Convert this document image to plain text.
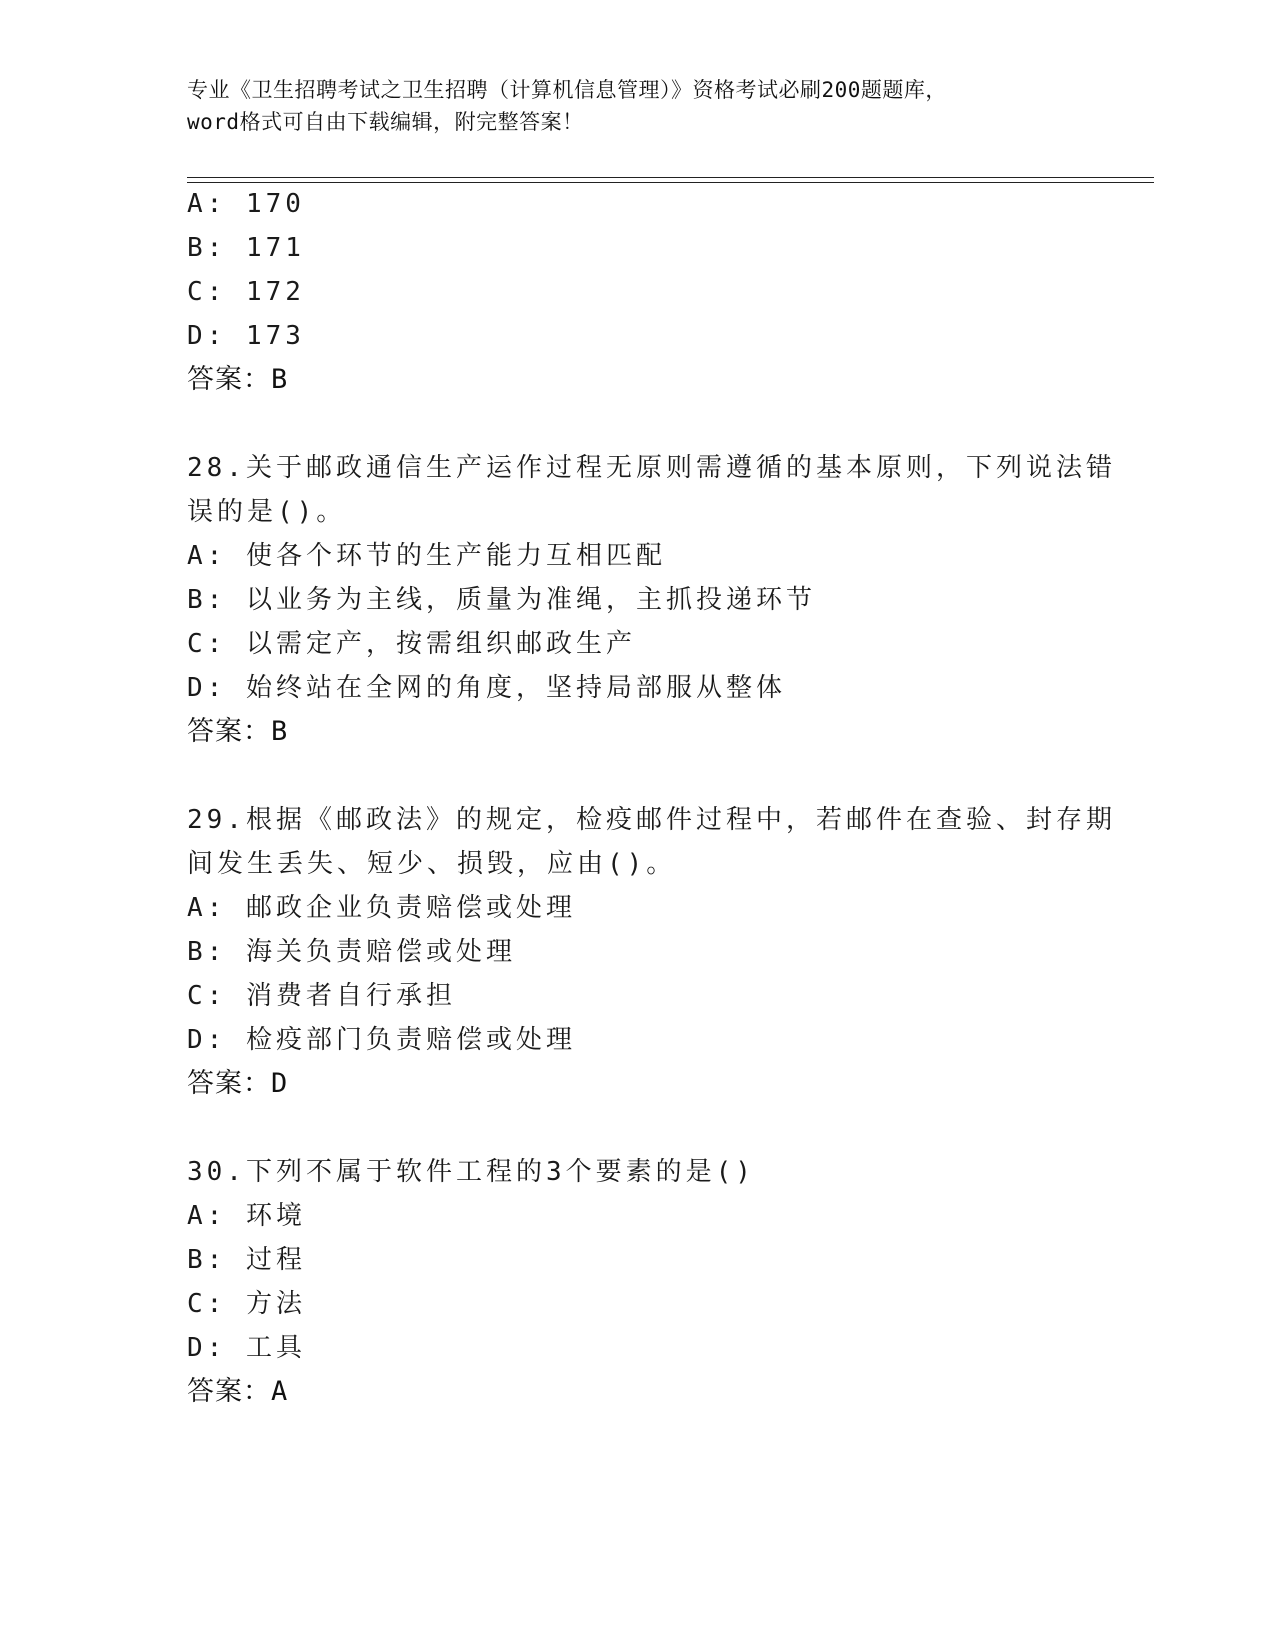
专业《卫生招聘考试之卫生招聘（计算机信息管理）》资格考试必刷200题题库，
word格式可自由下载编辑，附完整答案！
A: 170
B: 171
C: 172
D: 173
答案：B
28.关于邮政通信生产运作过程无原则需遵循的基本原则，下列说法错
误的是()。
A: 使各个环节的生产能力互相匹配
B: 以业务为主线，质量为准绳，主抓投递环节
C: 以需定产，按需组织邮政生产
D: 始终站在全网的角度，坚持局部服从整体
答案：B
29.根据《邮政法》的规定，检疫邮件过程中，若邮件在查验、封存期
间发生丢失、短少、损毁，应由()。
A: 邮政企业负责赔偿或处理
B: 海关负责赔偿或处理
C: 消费者自行承担
D: 检疫部门负责赔偿或处理
答案：D
30.下列不属于软件工程的3个要素的是()
A: 环境
B: 过程
C: 方法
D: 工具
答案：A
